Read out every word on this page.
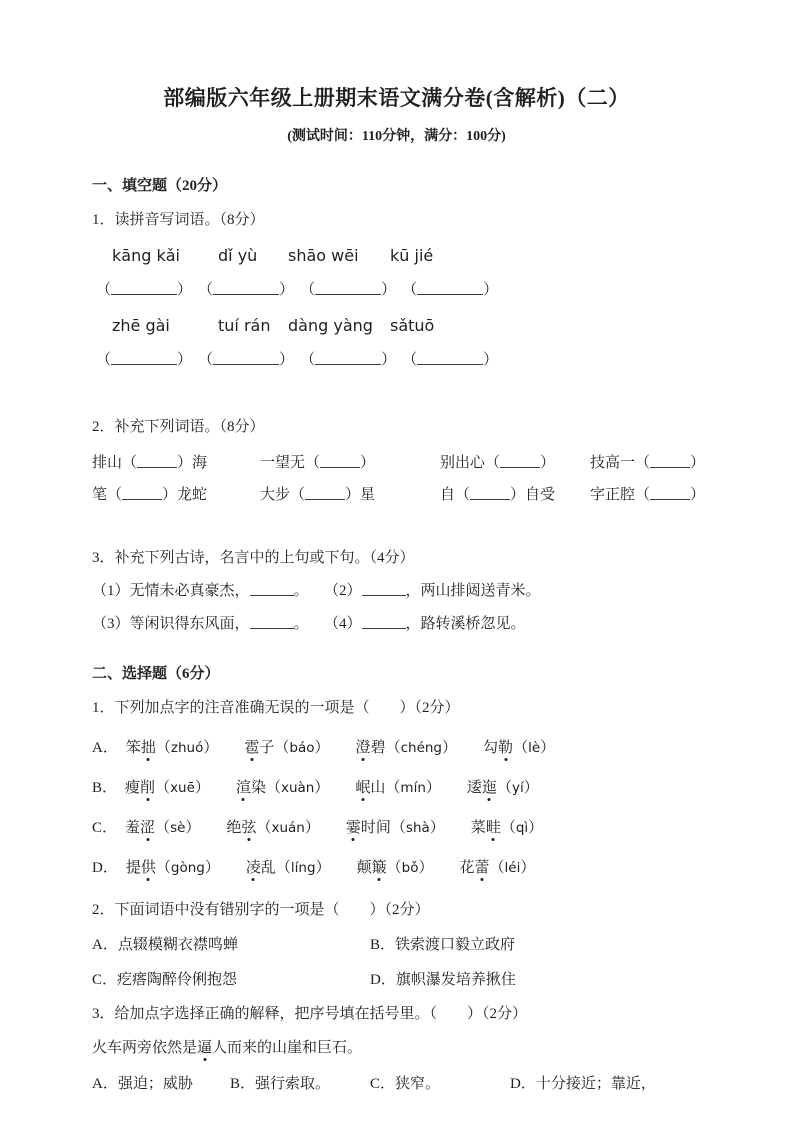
部编版六年级上册期末语文满分卷(含解析)（二）
(测试时间：110分钟，满分：100分)
一、填空题（20分）
1．读拼音写词语。（8分）
kāng kǎi	dǐ yù	shāo wēi	kū jié
（	） （	） （	） （	）
zhē gài	tuí rán	dàng yàng	sǎtuō
（	） （	） （	） （	）
2．补充下列词语。（8分）
排山（	）海	一望无（	）	别出心（	）	技高一（	）
笔（	）龙蛇	大步（	）星	自（	）自受	字正腔（	）
3．补充下列古诗，名言中的上句或下句。（4分）
（1）无情未必真豪杰，	。	（2）	，两山排闼送青米。
（3）等闲识得东风面，	。	（4）	，路转溪桥忽见。
二、选择题（6分）
1．下列加点字的注音准确无误的一项是（　　）（2分）
A． 笨拙（zhuó） 雹子（báo） 澄碧（chéng） 勾勒（lè）
B． 瘦削（xuē） 渲染（xuàn） 岷山（mín） 逶迤（yí）
C． 羞涩（sè） 绝弦（xuán） 霎时间（shà） 菜畦（qì）
D． 提供（gòng） 凌乱（líng） 颠簸（bǒ） 花蕾（léi）
2．下面词语中没有错别字的一项是（　　）（2分）
A．点辍模糊衣襟鸣蝉	B．铁索渡口毅立政府
C．疙瘩陶醉伶俐抱怨	D．旗帜瀑发培养揪住
3．给加点字选择正确的解释，把序号填在括号里。（　　）（2分）
火车两旁依然是逼人而来的山崖和巨石。
A．强迫；威胁	B．强行索取。	C．狭窄。	D．十分接近；靠近，
